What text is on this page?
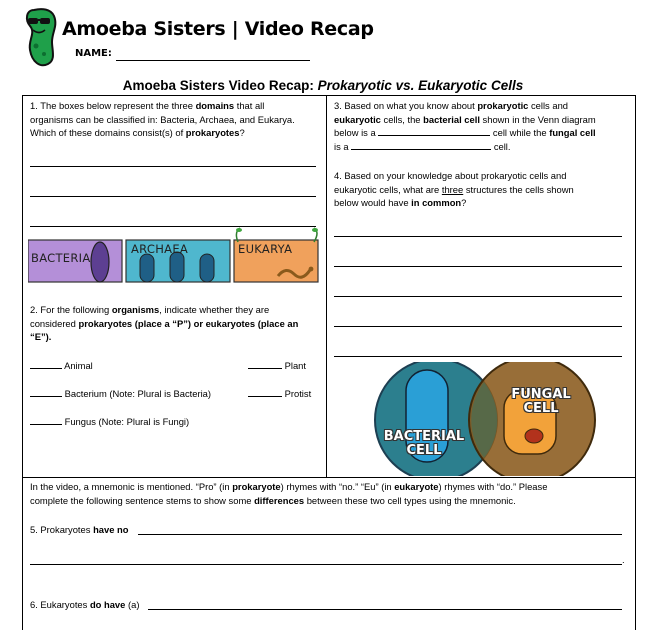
Amoeba Sisters | Video Recap
NAME:
Amoeba Sisters Video Recap: Prokaryotic vs. Eukaryotic Cells
1. The boxes below represent the three domains that all
organisms can be classified in: Bacteria, Archaea, and Eukarya.
Which of these domains consist(s) of prokaryotes?
BACTERIA
ARCHAEA	EUKARYA
2. For the following organisms, indicate whether they are
considered prokaryotes (place a “P”) or eukaryotes (place an
“E”).
Animal	Plant
Bacterium (Note: Plural is Bacteria)	Protist
Fungus (Note: Plural is Fungi)
3. Based on what you know about prokaryotic cells and
eukaryotic cells, the bacterial cell shown in the Venn diagram
below is a	cell while the fungal cell
is a	cell.
4. Based on your knowledge about prokaryotic cells and
eukaryotic cells, what are three structures the cells shown
below would have in common?
BACTERIAL
CELL
FUNGAL
CELL
In the video, a mnemonic is mentioned. “Pro” (in prokaryote) rhymes with “no.” “Eu” (in eukaryote) rhymes with “do.” Please
complete the following sentence stems to show some differences between these two cell types using the mnemonic.
5. Prokaryotes have no
.
6. Eukaryotes do have (a)
